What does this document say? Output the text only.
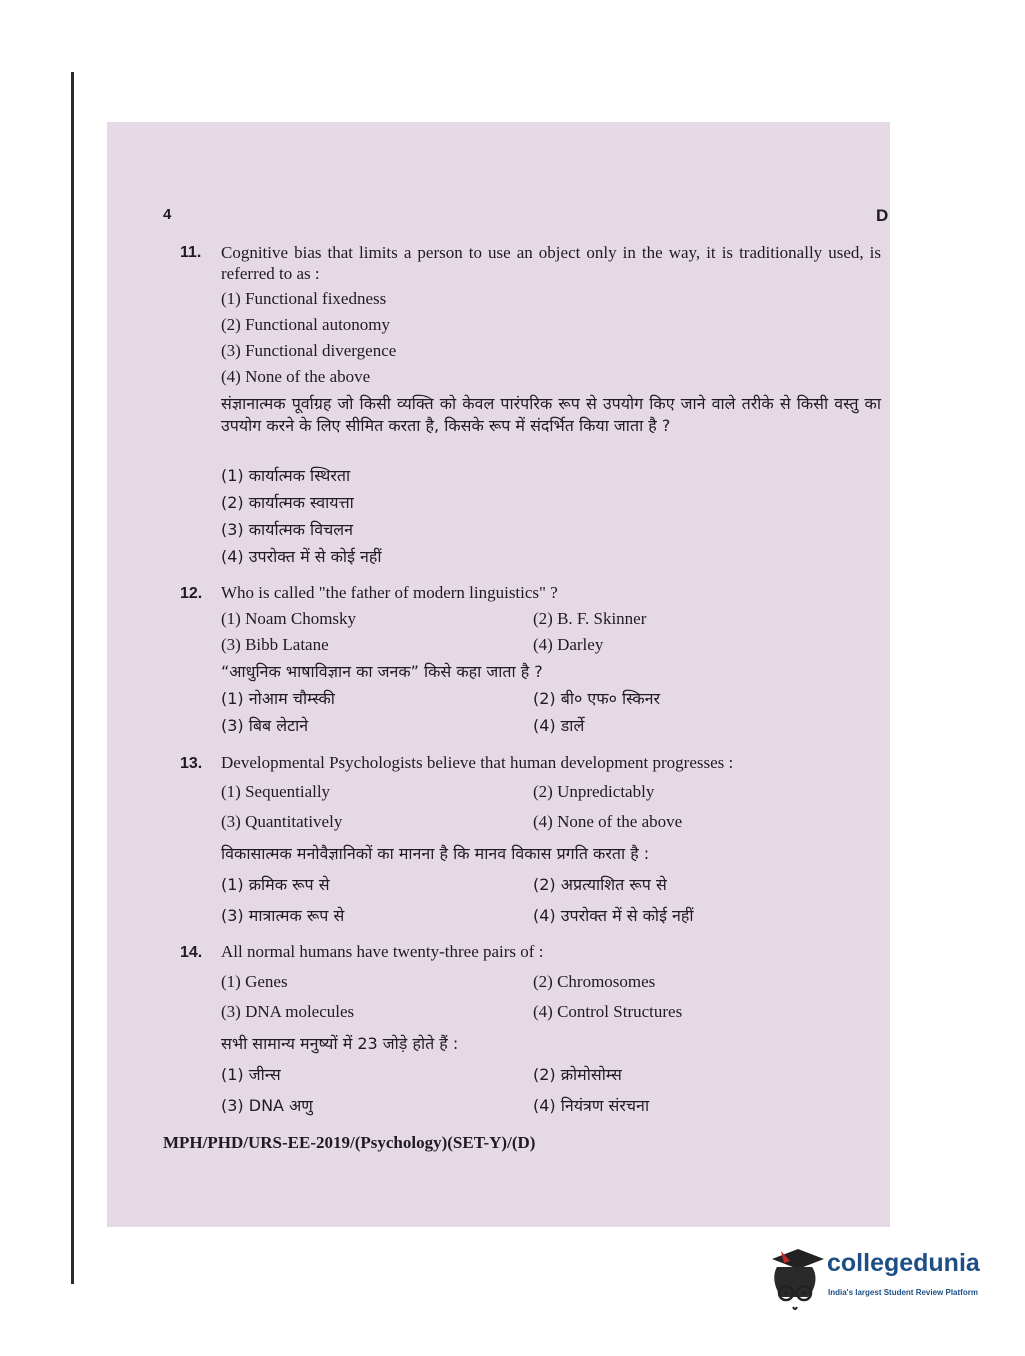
4	D
11. Cognitive bias that limits a person to use an object only in the way, it is traditionally used, is referred to as :
(1) Functional fixedness
(2) Functional autonomy
(3) Functional divergence
(4) None of the above
संज्ञानात्मक पूर्वाग्रह जो किसी व्यक्ति को केवल पारंपरिक रूप से उपयोग किए जाने वाले तरीके से किसी वस्तु का उपयोग करने के लिए सीमित करता है, किसके रूप में संदर्भित किया जाता है ?
(1) कार्यात्मक स्थिरता
(2) कार्यात्मक स्वायत्ता
(3) कार्यात्मक विचलन
(4) उपरोक्त में से कोई नहीं
12. Who is called "the father of modern linguistics" ?
(1) Noam Chomsky	(2) B. F. Skinner
(3) Bibb Latane	(4) Darley
“आधुनिक भाषाविज्ञान का जनक” किसे कहा जाता है ?
(1) नोआम चौम्स्की	(2) बी० एफ० स्किनर
(3) बिब लेटाने	(4) डार्ले
13. Developmental Psychologists believe that human development progresses :
(1) Sequentially	(2) Unpredictably
(3) Quantitatively	(4) None of the above
विकासात्मक मनोवैज्ञानिकों का मानना है कि मानव विकास प्रगति करता है :
(1) क्रमिक रूप से	(2) अप्रत्याशित रूप से
(3) मात्रात्मक रूप से	(4) उपरोक्त में से कोई नहीं
14. All normal humans have twenty-three pairs of :
(1) Genes	(2) Chromosomes
(3) DNA molecules	(4) Control Structures
सभी सामान्य मनुष्यों में 23 जोड़े होते हैं :
(1) जीन्स	(2) क्रोमोसोम्स
(3) DNA अणु	(4) नियंत्रण संरचना
MPH/PHD/URS-EE-2019/(Psychology)(SET-Y)/(D)
collegedunia
India's largest Student Review Platform
